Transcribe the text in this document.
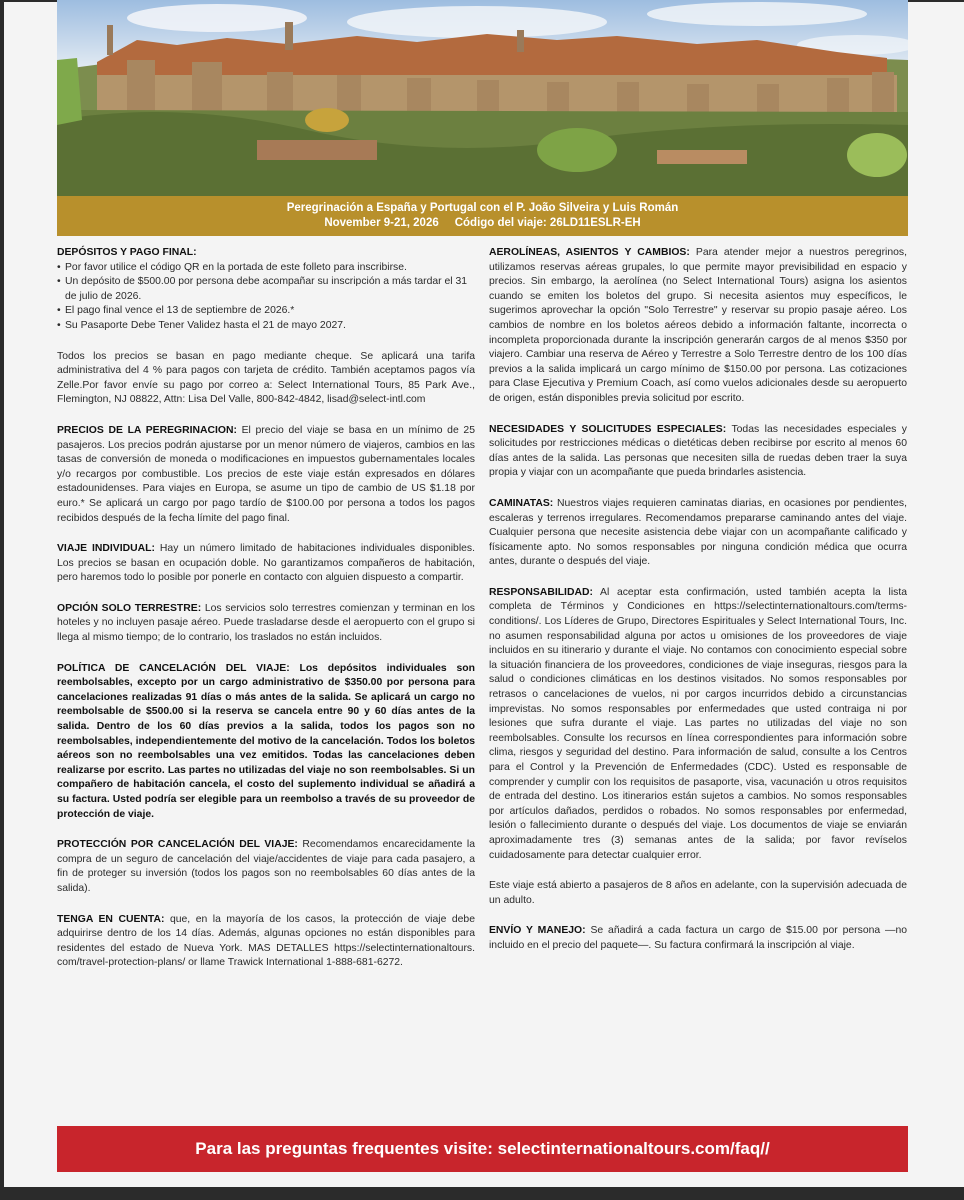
Peregrinación a España y Portugal con el P. João Silveira y Luis Román
November 9-21, 2026     Código del viaje: 26LD11ESLR-EH
DEPÓSITOS Y PAGO FINAL:
• Por favor utilice el código QR en la portada de este folleto para inscribirse.
• Un depósito de $500.00 por persona debe acompañar su inscripción a más tardar el 31 de julio de 2026.
• El pago final vence el 13 de septiembre de 2026.*
• Su Pasaporte Debe Tener Validez hasta el 21 de mayo 2027.

Todos los precios se basan en pago mediante cheque. Se aplicará una tarifa administrativa del 4 % para pagos con tarjeta de crédito. También aceptamos pagos vía Zelle.Por favor envíe su pago por correo a: Select International Tours, 85 Park Ave., Flemington, NJ 08822, Attn: Lisa Del Valle, 800-842-4842, lisad@select-intl.com

PRECIOS DE LA PEREGRINACION: El precio del viaje se basa en un mínimo de 25 pasajeros. Los precios podrán ajustarse por un menor número de viajeros, cambios en las tasas de conversión de moneda o modificaciones en impuestos gubernamentales locales y/o recargos por combustible. Los precios de este viaje están expresados en dólares estadounidenses. Para viajes en Europa, se asume un tipo de cambio de US $1.18 por euro.* Se aplicará un cargo por pago tardío de $100.00 por persona a todos los pagos recibidos después de la fecha límite del pago final.

VIAJE INDIVIDUAL: Hay un número limitado de habitaciones individuales disponibles. Los precios se basan en ocupación doble. No garantizamos compañeros de habitación, pero haremos todo lo posible por ponerle en contacto con alguien dispuesto a compartir.

OPCIÓN SOLO TERRESTRE: Los servicios solo terrestres comienzan y terminan en los hoteles y no incluyen pasaje aéreo. Puede trasladarse desde el aeropuerto con el grupo si llega al mismo tiempo; de lo contrario, los traslados no están incluidos.

POLÍTICA DE CANCELACIÓN DEL VIAJE: Los depósitos individuales son reembolsables, excepto por un cargo administrativo de $350.00 por persona para cancelaciones realizadas 91 días o más antes de la salida. Se aplicará un cargo no reembolsable de $500.00 si la reserva se cancela entre 90 y 60 días antes de la salida. Dentro de los 60 días previos a la salida, todos los pagos son no reembolsables, independientemente del motivo de la cancelación. Todos los boletos aéreos son no reembolsables una vez emitidos. Todas las cancelaciones deben realizarse por escrito. Las partes no utilizadas del viaje no son reembolsables. Si un compañero de habitación cancela, el costo del suplemento individual se añadirá a su factura. Usted podría ser elegible para un reembolso a través de su proveedor de protección de viaje.

PROTECCIÓN POR CANCELACIÓN DEL VIAJE: Recomendamos encarecidamente la compra de un seguro de cancelación del viaje/accidentes de viaje para cada pasajero, a fin de proteger su inversión (todos los pagos son no reembolsables 60 días antes de la salida).

TENGA EN CUENTA: que, en la mayoría de los casos, la protección de viaje debe adquirirse dentro de los 14 días. Además, algunas opciones no están disponibles para residentes del estado de Nueva York. MAS DETALLES https://selectinternationaltours. com/travel-protection-plans/ or llame Trawick International 1-888-681-6272.

AEROLÍNEAS, ASIENTOS Y CAMBIOS: Para atender mejor a nuestros peregrinos, utilizamos reservas aéreas grupales, lo que permite mayor previsibilidad en espacio y precios. Sin embargo, la aerolínea (no Select International Tours) asigna los asientos cuando se emiten los boletos del grupo. Si necesita asientos muy específicos, le sugerimos aprovechar la opción "Solo Terrestre" y reservar su propio pasaje aéreo. Los cambios de nombre en los boletos aéreos debido a información faltante, incorrecta o incompleta proporcionada durante la inscripción generarán cargos de al menos $350 por viajero. Cambiar una reserva de Aéreo y Terrestre a Solo Terrestre dentro de los 100 días previos a la salida implicará un cargo mínimo de $150.00 por persona. Las cotizaciones para Clase Ejecutiva y Premium Coach, así como vuelos adicionales desde su aeropuerto de origen, están disponibles previa solicitud por escrito.

NECESIDADES Y SOLICITUDES ESPECIALES: Todas las necesidades especiales y solicitudes por restricciones médicas o dietéticas deben recibirse por escrito al menos 60 días antes de la salida. Las personas que necesiten silla de ruedas deben traer la suya propia y viajar con un acompañante que pueda brindarles asistencia.

CAMINATAS: Nuestros viajes requieren caminatas diarias, en ocasiones por pendientes, escaleras y terrenos irregulares. Recomendamos prepararse caminando antes del viaje. Cualquier persona que necesite asistencia debe viajar con un acompañante calificado y físicamente apto. No somos responsables por ninguna condición médica que ocurra antes, durante o después del viaje.

RESPONSABILIDAD: Al aceptar esta confirmación, usted también acepta la lista completa de Términos y Condiciones en https://selectinternationaltours.com/terms-conditions/. Los Líderes de Grupo, Directores Espirituales y Select International Tours, Inc. no asumen responsabilidad alguna por actos u omisiones de los proveedores de viaje incluidos en su itinerario y durante el viaje. No contamos con conocimiento especial sobre la situación financiera de los proveedores, condiciones de viaje inseguras, riesgos para la salud o condiciones climáticas en los destinos visitados. No somos responsables por retrasos o cancelaciones de vuelos, ni por cargos incurridos debido a circunstancias imprevistas. No somos responsables por enfermedades que usted contraiga ni por lesiones que sufra durante el viaje. Las partes no utilizadas del viaje no son reembolsables. Consulte los recursos en línea correspondientes para información sobre clima, riesgos y seguridad del destino. Para información de salud, consulte a los Centros para el Control y la Prevención de Enfermedades (CDC). Usted es responsable de comprender y cumplir con los requisitos de pasaporte, visa, vacunación u otros requisitos de entrada del destino. Los itinerarios están sujetos a cambios. No somos responsables por artículos dañados, perdidos o robados. No somos responsables por enfermedad, lesión o fallecimiento durante o después del viaje. Los documentos de viaje se enviarán aproximadamente tres (3) semanas antes de la salida; por favor revíselos cuidadosamente para detectar cualquier error.

Este viaje está abierto a pasajeros de 8 años en adelante, con la supervisión adecuada de un adulto.

ENVÍO Y MANEJO: Se añadirá a cada factura un cargo de $15.00 por persona —no incluido en el precio del paquete—. Su factura confirmará la inscripción al viaje.

Para las preguntas frequentes visite: selectinternationaltours.com/faq//
